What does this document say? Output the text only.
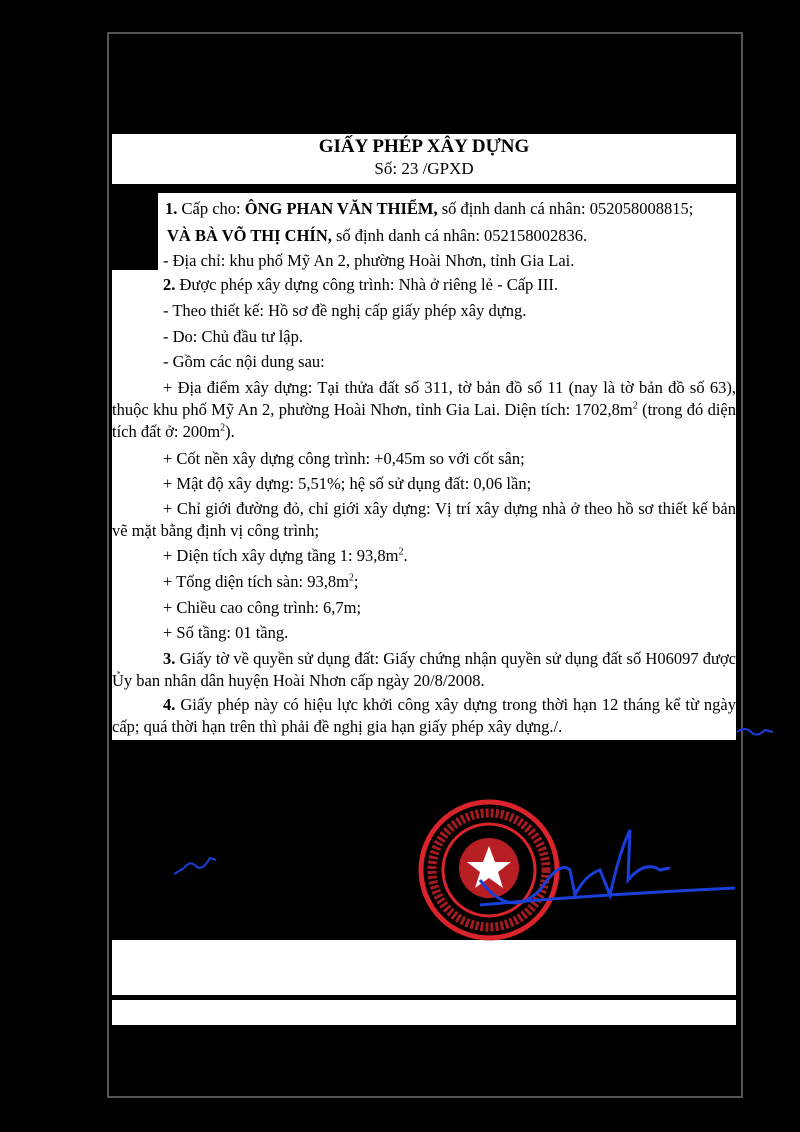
GIẤY PHÉP XÂY DỰNG
Số: 23 /GPXD
1. Cấp cho: ÔNG PHAN VĂN THIỂM, số định danh cá nhân: 052058008815;
VÀ BÀ VÕ THỊ CHÍN, số định danh cá nhân: 052158002836.
- Địa chỉ: khu phố Mỹ An 2, phường Hoài Nhơn, tỉnh Gia Lai.
2. Được phép xây dựng công trình: Nhà ở riêng lẻ - Cấp III.
- Theo thiết kế: Hồ sơ đề nghị cấp giấy phép xây dựng.
- Do: Chủ đầu tư lập.
- Gồm các nội dung sau:
+ Địa điểm xây dựng: Tại thửa đất số 311, tờ bản đồ số 11 (nay là tờ bản đồ số 63), thuộc khu phố Mỹ An 2, phường Hoài Nhơn, tỉnh Gia Lai. Diện tích: $1702,8m^2$ (trong đó diện tích đất ở: $200m^2$).
+ Cốt nền xây dựng công trình: +0,45m so với cốt sân;
+ Mật độ xây dựng: 5,51%; hệ số sử dụng đất: 0,06 lần;
+ Chỉ giới đường đỏ, chỉ giới xây dựng: Vị trí xây dựng nhà ở theo hồ sơ thiết kế bản vẽ mặt bằng định vị công trình;
+ Diện tích xây dựng tầng 1: $93,8m^2$.
+ Tổng diện tích sàn: $93,8m^2$;
+ Chiều cao công trình: 6,7m;
+ Số tầng: 01 tầng.
3. Giấy tờ về quyền sử dụng đất: Giấy chứng nhận quyền sử dụng đất số H06097 được Ủy ban nhân dân huyện Hoài Nhơn cấp ngày 20/8/2008.
4. Giấy phép này có hiệu lực khởi công xây dựng trong thời hạn 12 tháng kể từ ngày cấp; quá thời hạn trên thì phải đề nghị gia hạn giấy phép xây dựng./.
